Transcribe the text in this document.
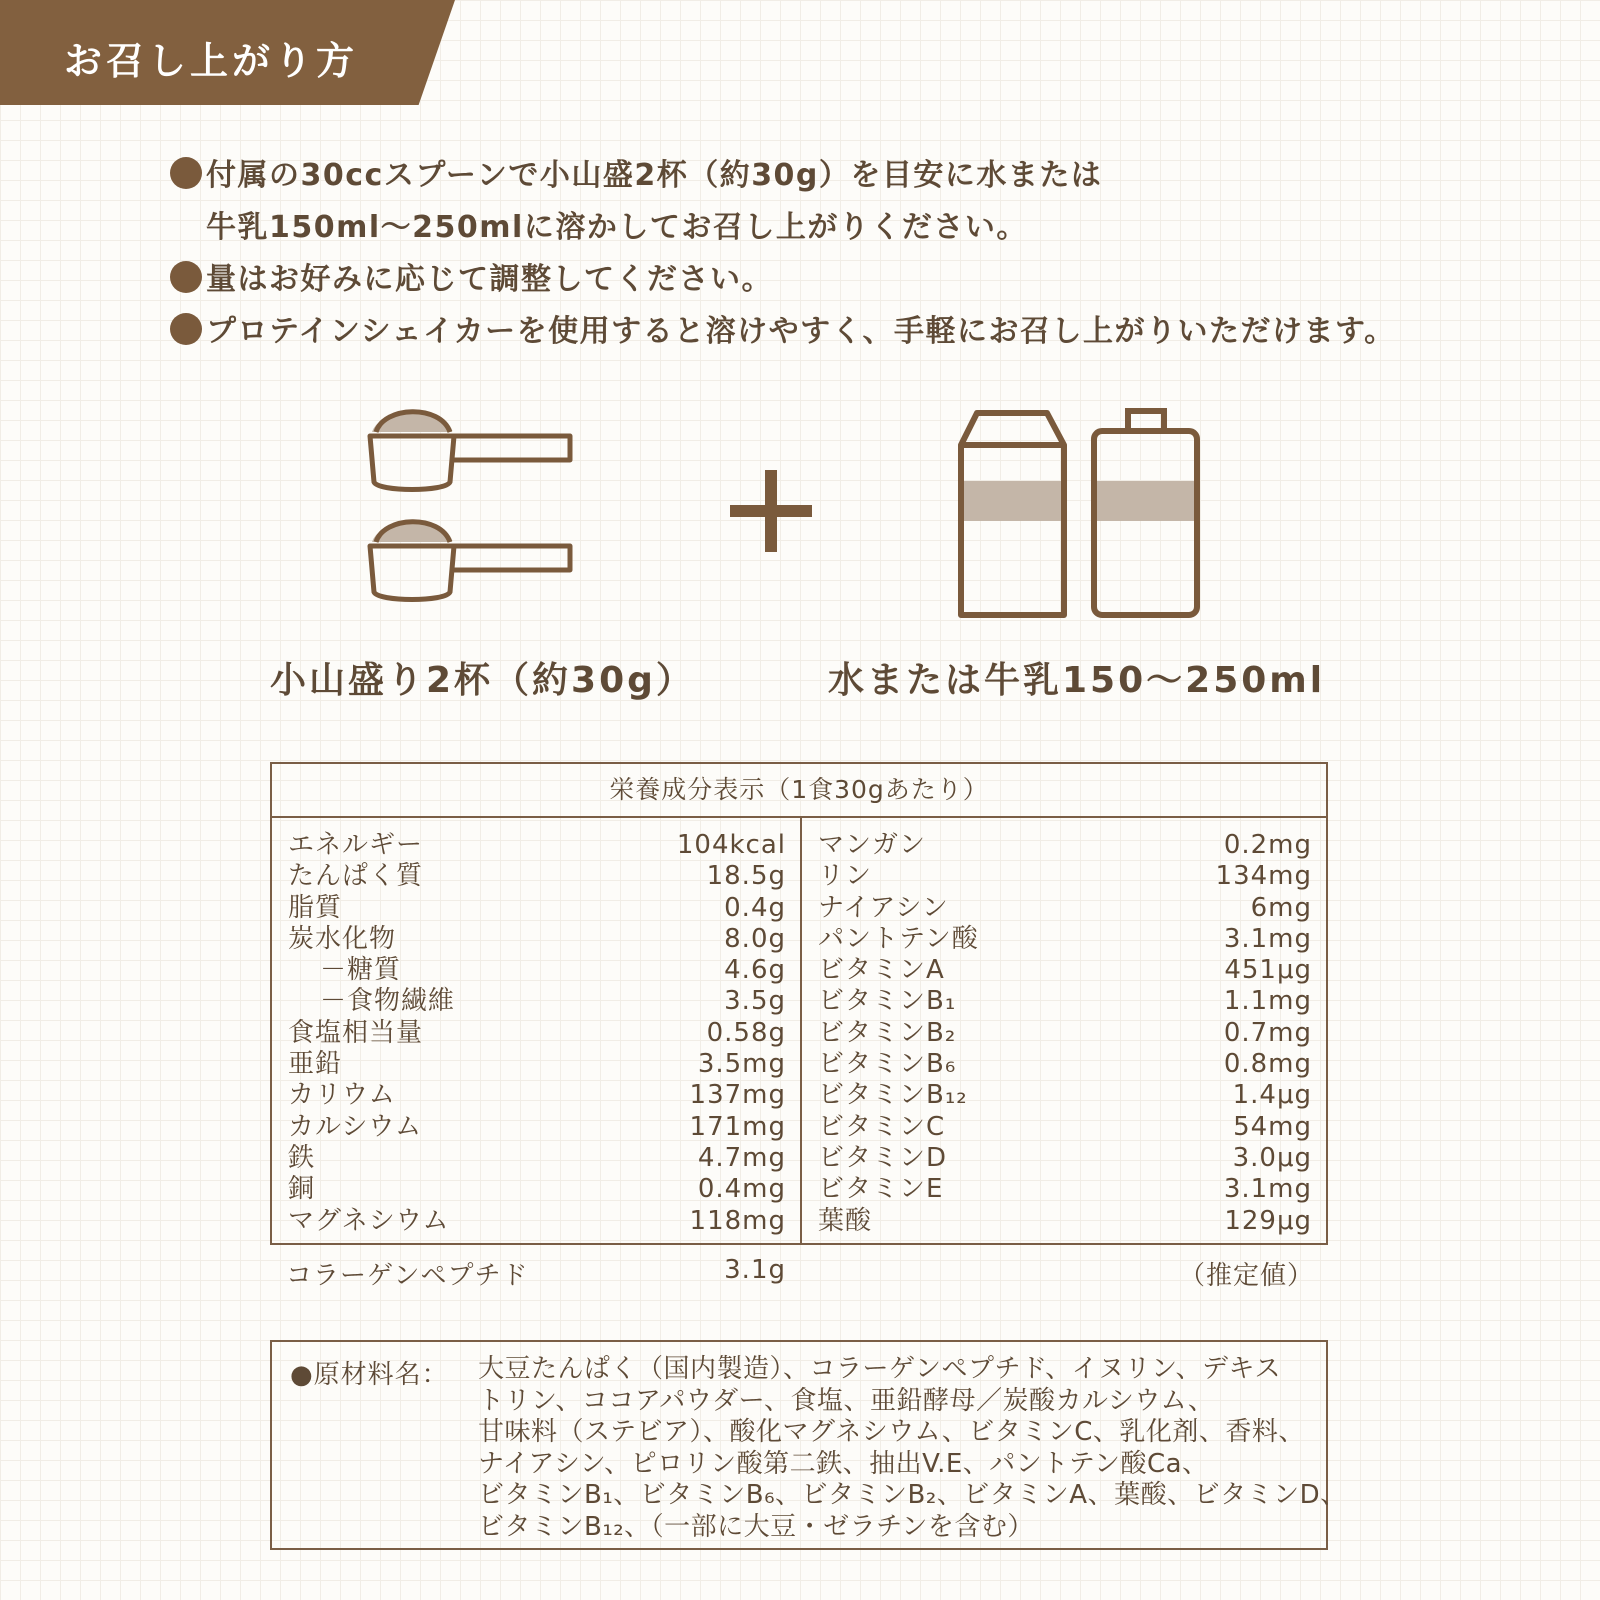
お召し上がり方
付属の30ccスプーンで小山盛2杯（約30g）を目安に水または
牛乳150ml～250mlに溶かしてお召し上がりください。
量はお好みに応じて調整してください。
プロテインシェイカーを使用すると溶けやすく、手軽にお召し上がりいただけます。
小山盛り2杯（約30g）	水または牛乳150～250ml
栄養成分表示（1食30gあたり）
エネルギー	104kcal
たんぱく質	18.5g
脂質	0.4g
炭水化物	8.0g
－糖質	4.6g
－食物繊維	3.5g
食塩相当量	0.58g
亜鉛	3.5mg
カリウム	137mg
カルシウム	171mg
鉄	4.7mg
銅	0.4mg
マグネシウム	118mg
マンガン	0.2mg
リン	134mg
ナイアシン	6mg
パントテン酸	3.1mg
ビタミンA	451μg
ビタミンB₁	1.1mg
ビタミンB₂	0.7mg
ビタミンB₆	0.8mg
ビタミンB₁₂	1.4μg
ビタミンC	54mg
ビタミンD	3.0μg
ビタミンE	3.1mg
葉酸	129μg
コラーゲンペプチド	3.1g	（推定値）
●原材料名： 大豆たんぱく（国内製造）、コラーゲンペプチド、イヌリン、デキス
トリン、ココアパウダー、食塩、亜鉛酵母／炭酸カルシウム、
甘味料（ステビア）、酸化マグネシウム、ビタミンC、乳化剤、香料、
ナイアシン、ピロリン酸第二鉄、抽出V.E、パントテン酸Ca、
ビタミンB₁、ビタミンB₆、ビタミンB₂、ビタミンA、葉酸、ビタミンD、
ビタミンB₁₂、（一部に大豆・ゼラチンを含む）
